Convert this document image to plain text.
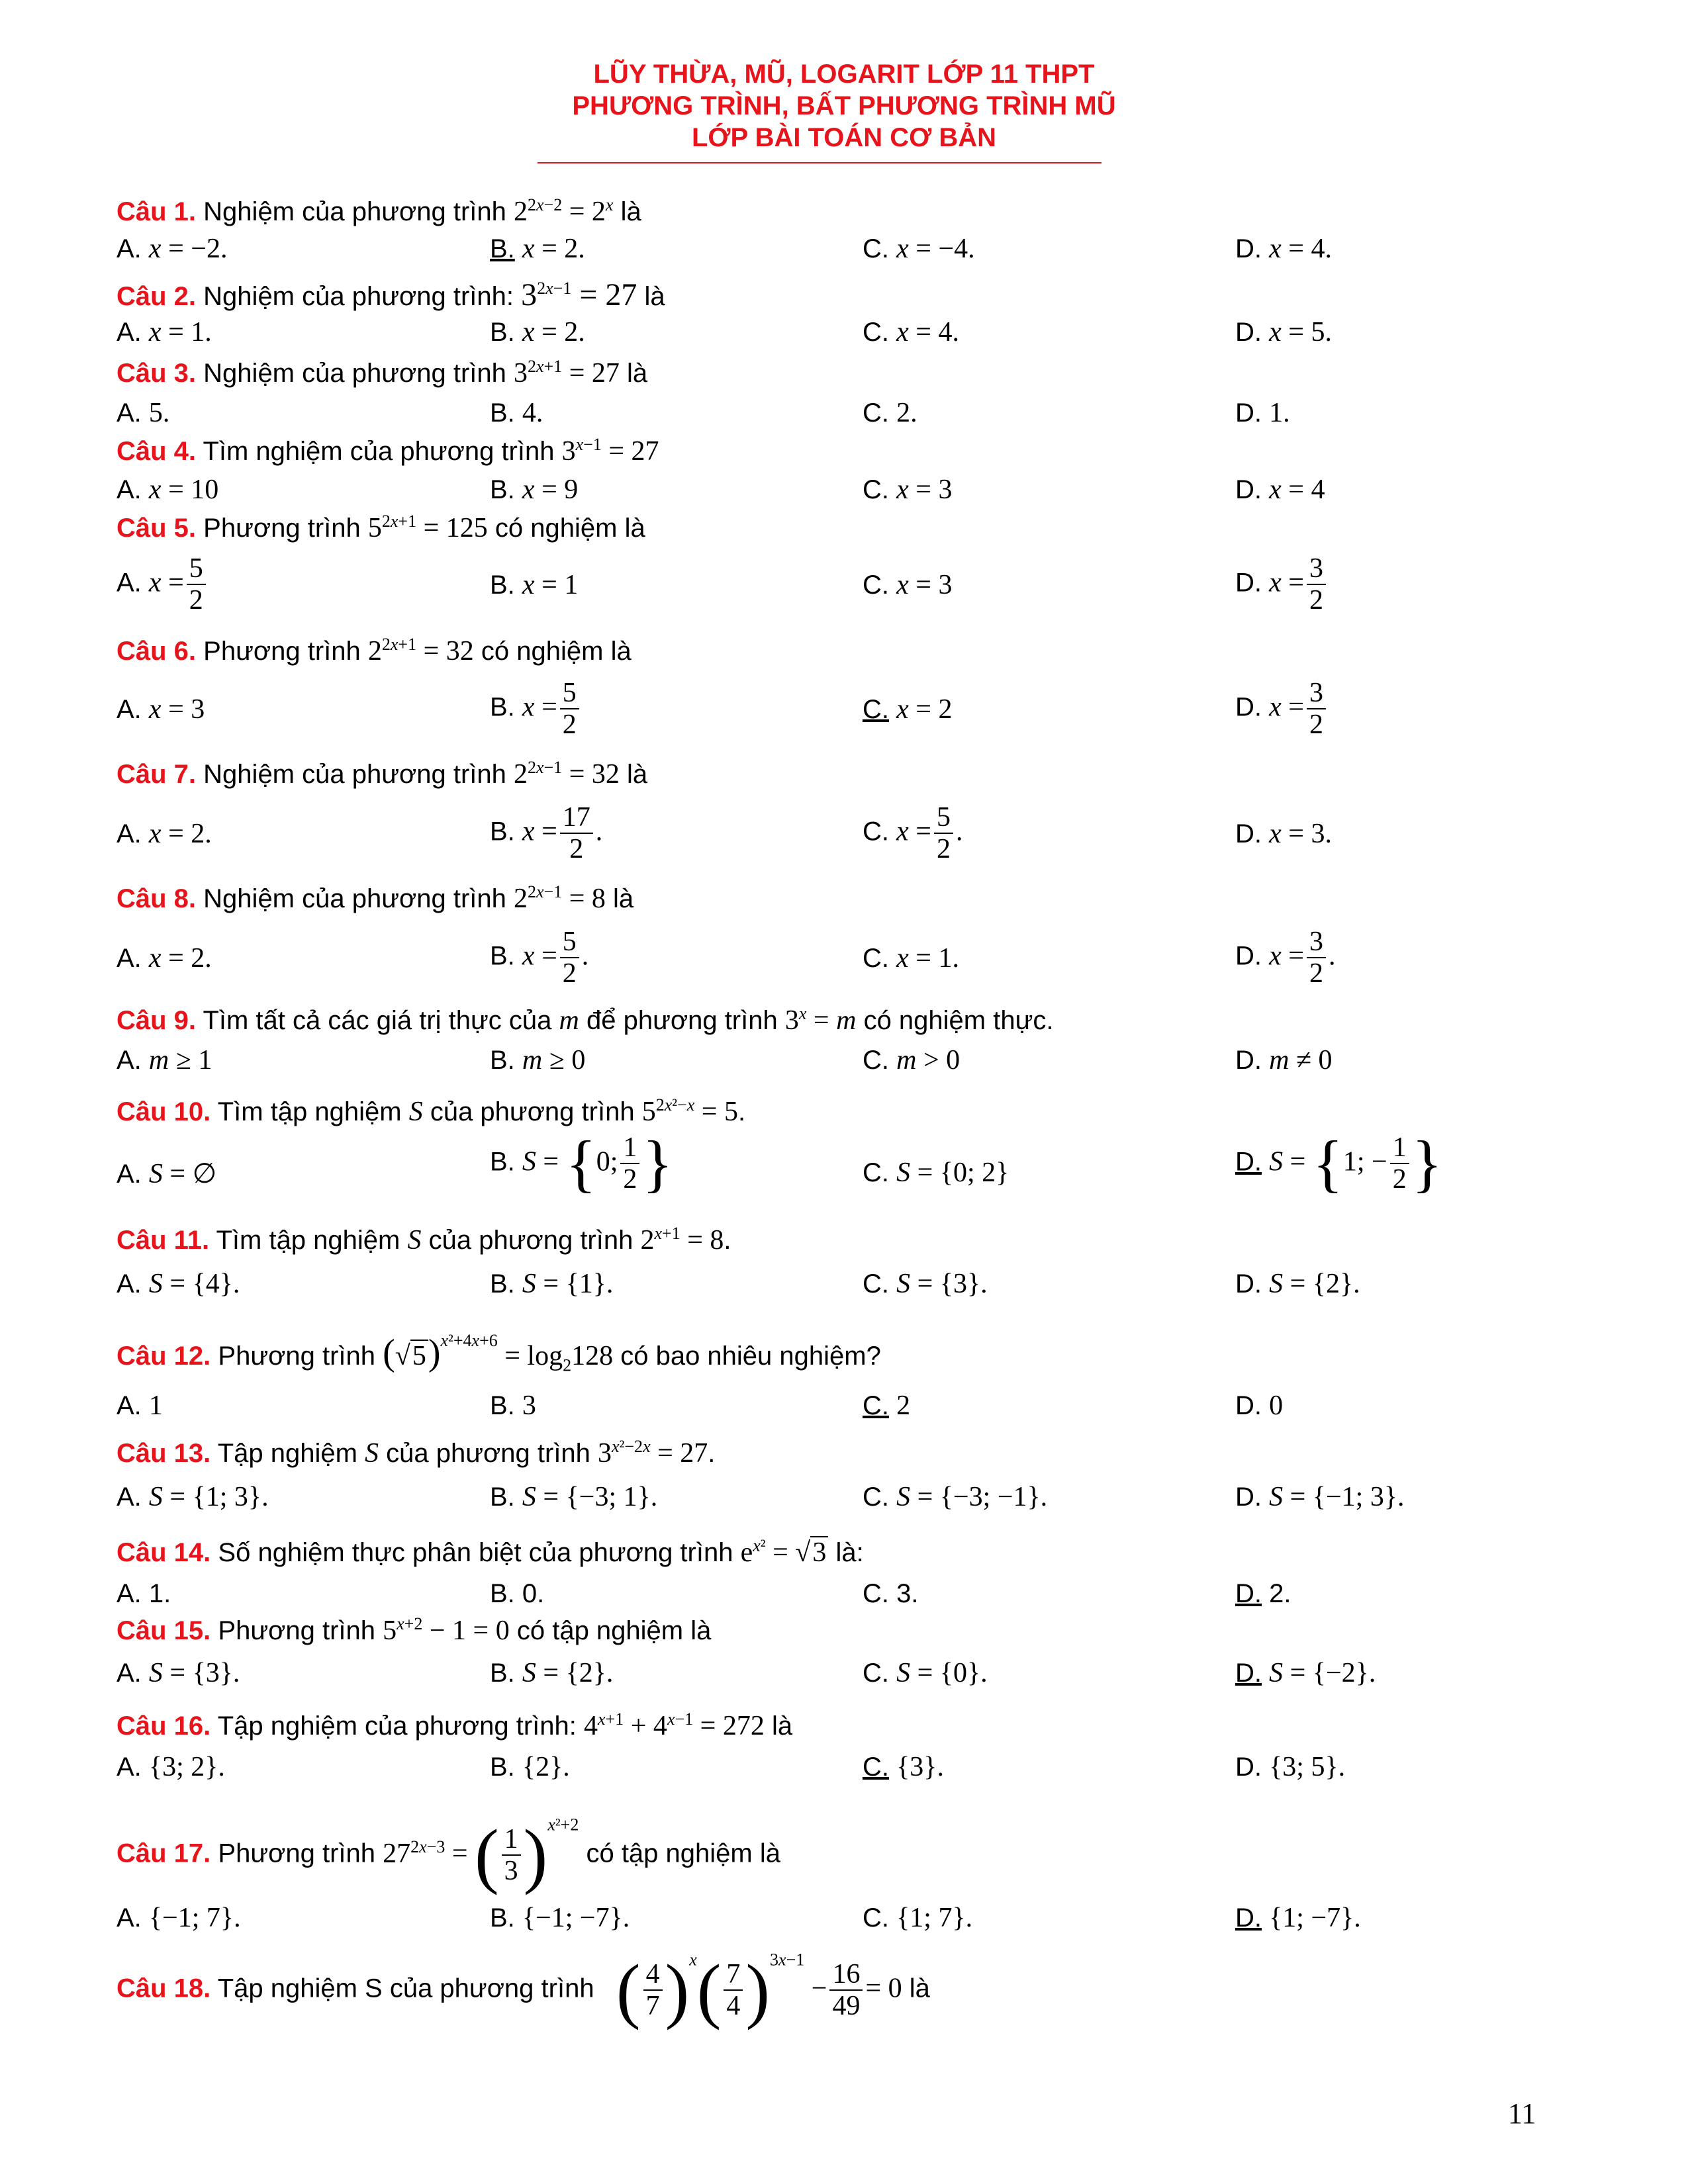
LŨY THỪA, MŨ, LOGARIT LỚP 11 THPT
PHƯƠNG TRÌNH, BẤT PHƯƠNG TRÌNH MŨ
LỚP BÀI TOÁN CƠ BẢN
Câu 1. Nghiệm của phương trình $2^{2x-2} = 2^x$ là
A. x = −2.	B. x = 2.	C. x = −4.	D. x = 4.
Câu 2. Nghiệm của phương trình: $3^{2x-1} = 27$ là
A. x = 1.	B. x = 2.	C. x = 4.	D. x = 5.
Câu 3. Nghiệm của phương trình $3^{2x+1} = 27$ là
A. 5.	B. 4.	C. 2.	D. 1.
Câu 4. Tìm nghiệm của phương trình $3^{x-1} = 27$
A. x = 10	B. x = 9	C. x = 3	D. x = 4
Câu 5. Phương trình $5^{2x+1} = 125$ có nghiệm là
A. $x = \frac{5}{2}$	B. x = 1	C. x = 3	D. $x = \frac{3}{2}$
Câu 6. Phương trình $2^{2x+1} = 32$ có nghiệm là
A. x = 3	B. $x = \frac{5}{2}$	C. x = 2	D. $x = \frac{3}{2}$
Câu 7. Nghiệm của phương trình $2^{2x-1} = 32$ là
A. x = 2.	B. $x = \frac{17}{2}$ .	C. $x = \frac{5}{2}$ .	D. x = 3.
Câu 8. Nghiệm của phương trình $2^{2x-1} = 8$ là
A. x = 2.	B. $x = \frac{5}{2}$ .	C. x = 1.	D. $x = \frac{3}{2}$ .
Câu 9. Tìm tất cả các giá trị thực của m để phương trình $3^x = m$ có nghiệm thực.
A. m ≥ 1	B. m ≥ 0	C. m > 0	D. m ≠ 0
Câu 10. Tìm tập nghiệm S của phương trình $5^{2x^2-x} = 5$.
A. S = ∅	B. S = {0; $\frac{1}{2}$ }	C. S = {0; 2}	D. S = {1; − $\frac{1}{2}$ }
Câu 11. Tìm tập nghiệm S của phương trình $2^{x+1} = 8$.
A. S = {4}.	B. S = {1}.	C. S = {3}.	D. S = {2}.
Câu 12. Phương trình $(√5)^{x^2+4x+6} = \log_2128$ có bao nhiêu nghiệm?
A. 1	B. 3	C. 2	D. 0
Câu 13. Tập nghiệm S của phương trình $3^{x^2-2x} = 27$.
A. S = {1; 3}.	B. S = {−3; 1}.	C. S = {−3; −1}.	D. S = {−1; 3}.
Câu 14. Số nghiệm thực phân biệt của phương trình $e^{x^2} = √3$ là:
A. 1.	B. 0.	C. 3.	D. 2.
Câu 15. Phương trình $5^{x+2} - 1 = 0$ có tập nghiệm là
A. S = {3}.	B. S = {2}.	C. S = {0}.	D. S = {−2}.
Câu 16. Tập nghiệm của phương trình: $4^{x+1} + 4^{x-1} = 272$ là
A. {3; 2}.	B. {2}.	C. {3}.	D. {3; 5}.
Câu 17. Phương trình $27^{2x-3}$ = ( $\frac{1}{3} )^{x^2+2}$ có tập nghiệm là
A. {−1; 7}.	B. {−1; −7}.	C. {1; 7}.	D. {1; −7}.
Câu 18. Tập nghiệm S của phương trình ( $\frac{4}{7} )^x( \frac{7}{4} )^{3x-1} - \frac{16}{49} = 0$ là
11
